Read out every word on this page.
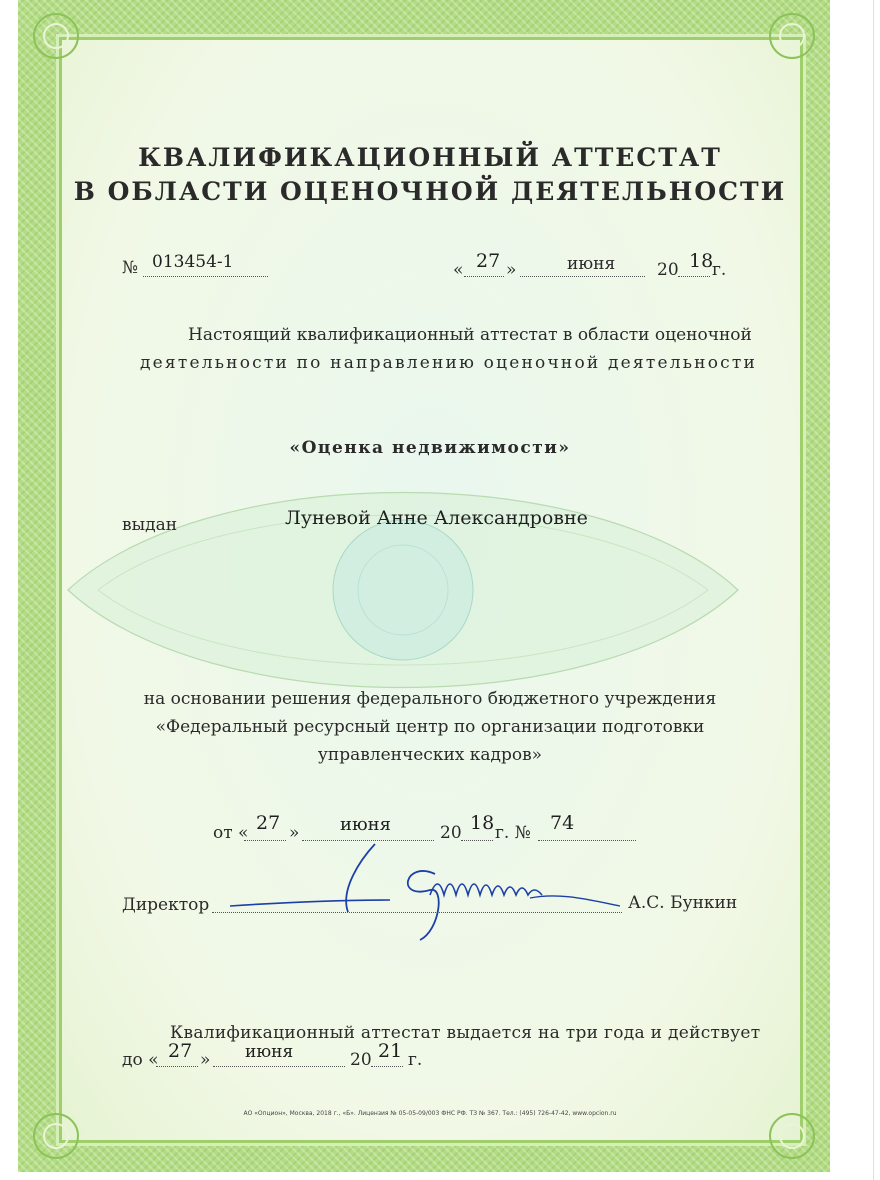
КВАЛИФИКАЦИОННЫЙ АТТЕСТАТ
В ОБЛАСТИ ОЦЕНОЧНОЙ ДЕЯТЕЛЬНОСТИ
№ 013454-1	« 27 »	июня 20 18
г.
Настоящий квалификационный аттестат в области оценочной
деятельности по направлению оценочной деятельности
«Оценка недвижимости»
выдан	Луневой Анне Александровне
на основании решения федерального бюджетного учреждения
«Федеральный ресурсный центр по организации подготовки
управленческих кадров»
от « 27 » июня	20 18 г. № 74
Директор	А.С. Бункин
Квалификационный аттестат выдается на три года и действует
до « 27 » июня	20 21 г.
АО «Опцион», Москва, 2018 г., «Б». Лицензия № 05-05-09/003 ФНС РФ. ТЗ № 367. Тел.: (495) 726-47-42, www.opcion.ru
